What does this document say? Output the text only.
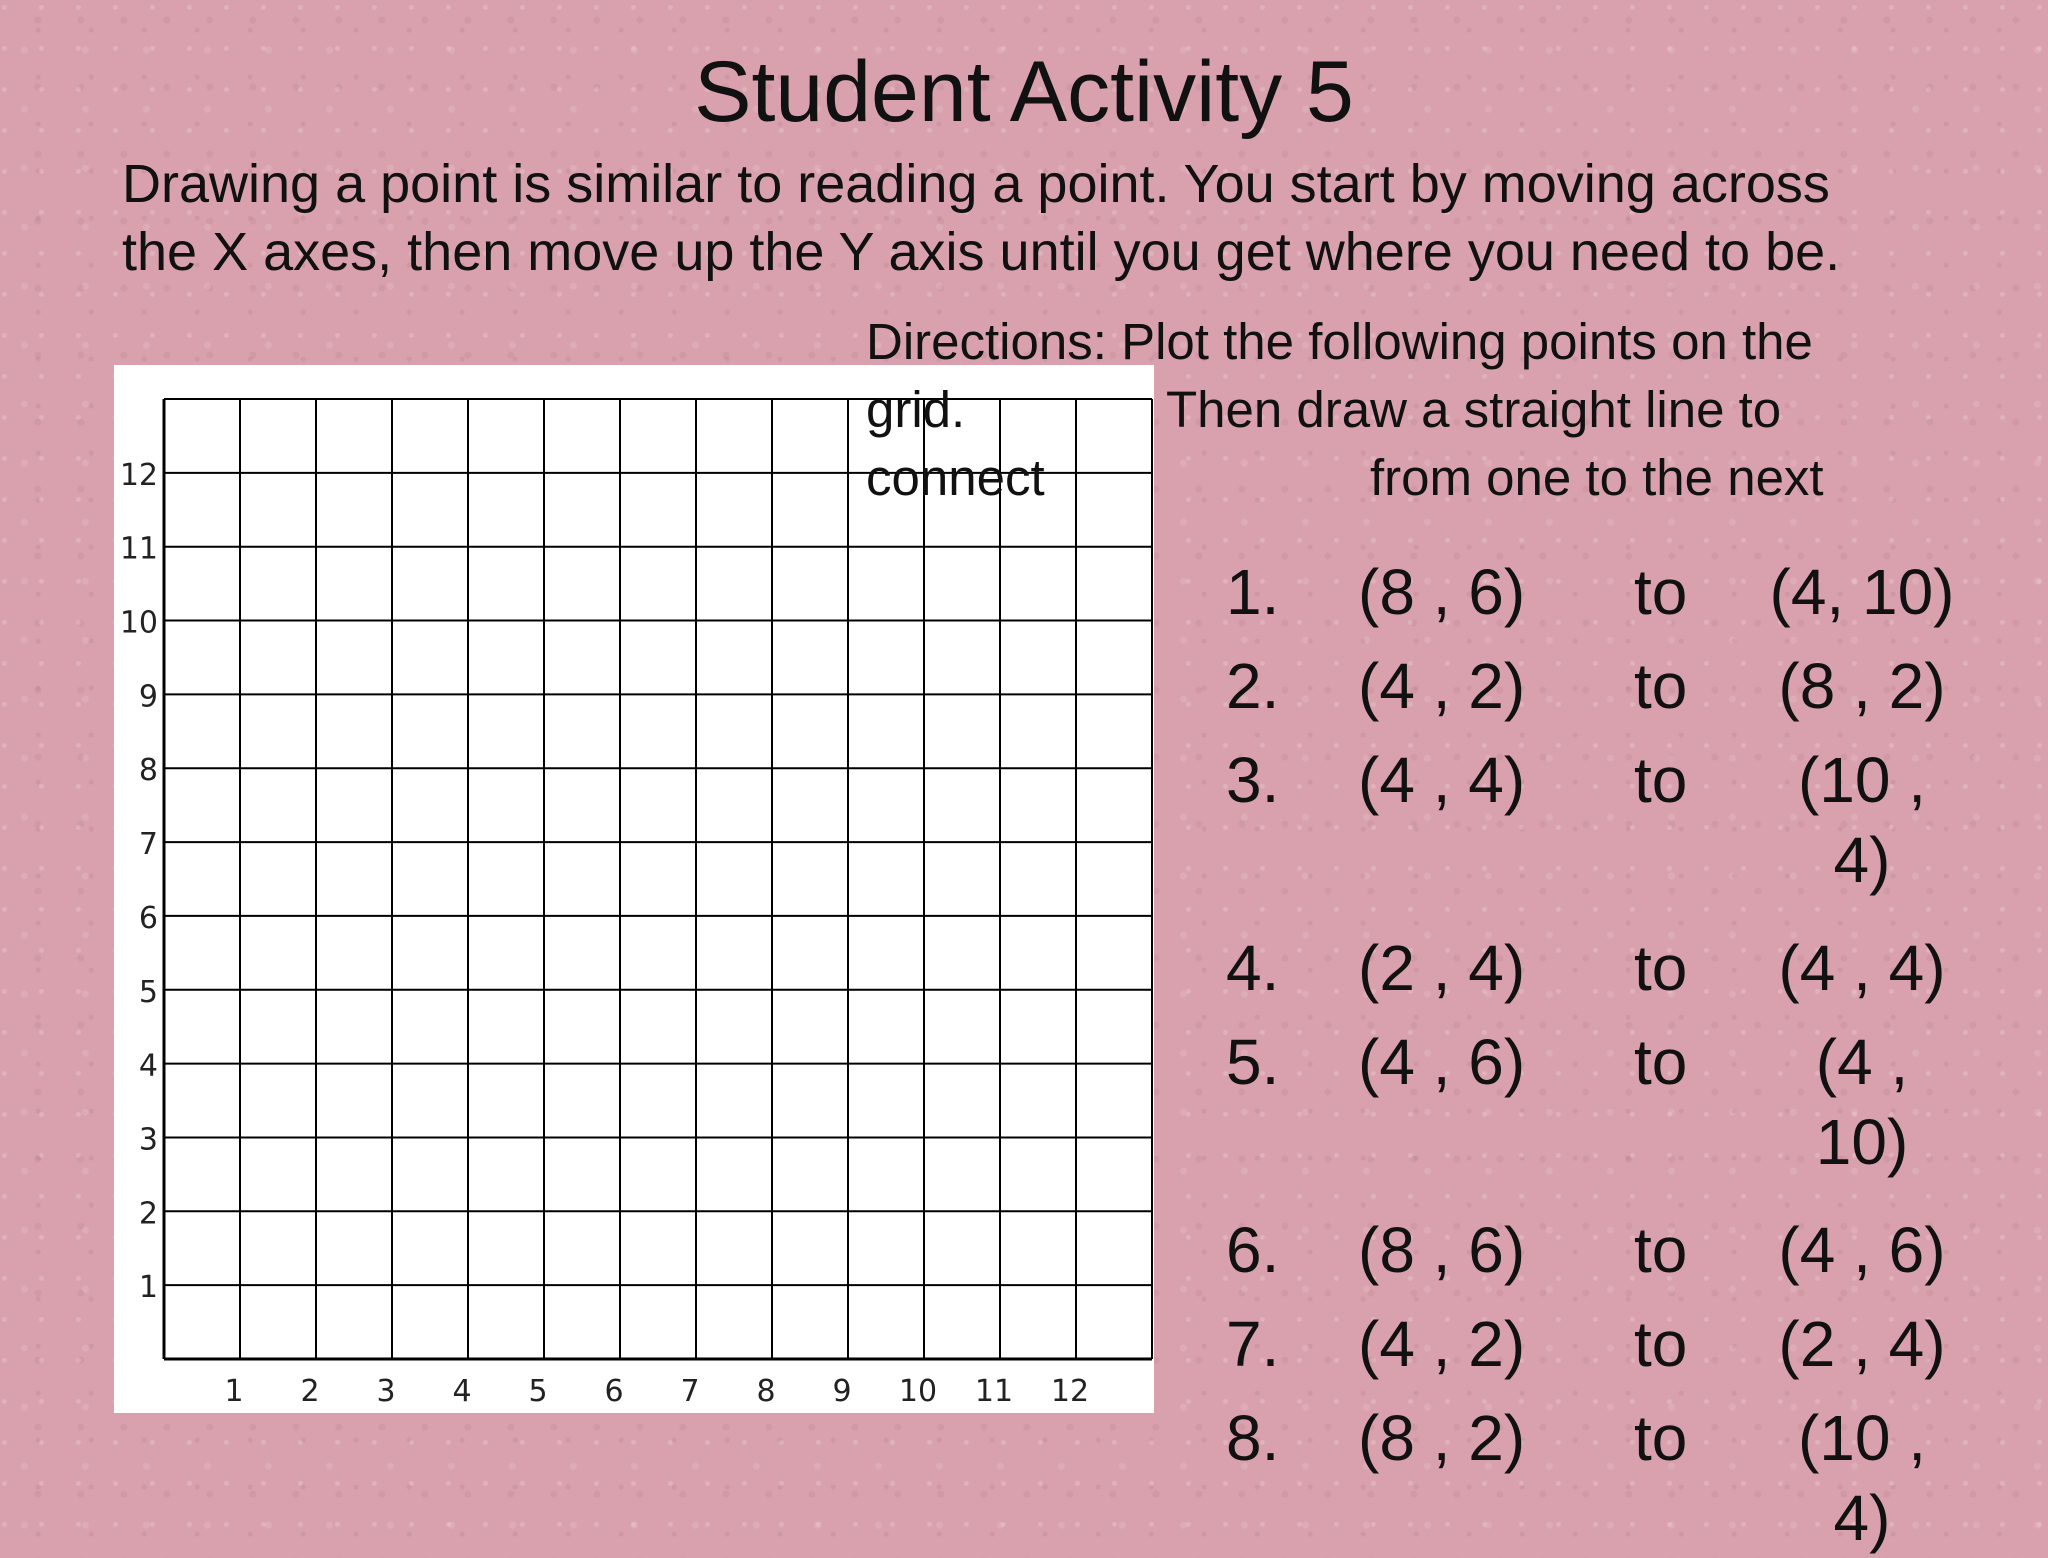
Student Activity 5

Drawing a point is similar to reading a point. You start by moving across the X axes, then move up the Y axis until you get where you need to be.

1 2 3 4 5 6 7 8 9 10 11 12
1
2
3
4
5
6
7
8
9
10
11
12
Directions: Plot the following points on the
grid.	Then draw a straight line to
connect	from one to the next
1. (8 , 6) to	(4, 10)
2. (4 , 2) to	(8 , 2)
3. (4 , 4) to	(10 , 4)
4. (2 , 4) to	(4 , 4)
5. (4 , 6) to	(4 , 10)
6. (8 , 6) to	(4 , 6)
7. (4 , 2) to	(2 , 4)
8. (8 , 2) to	(10 , 4)
